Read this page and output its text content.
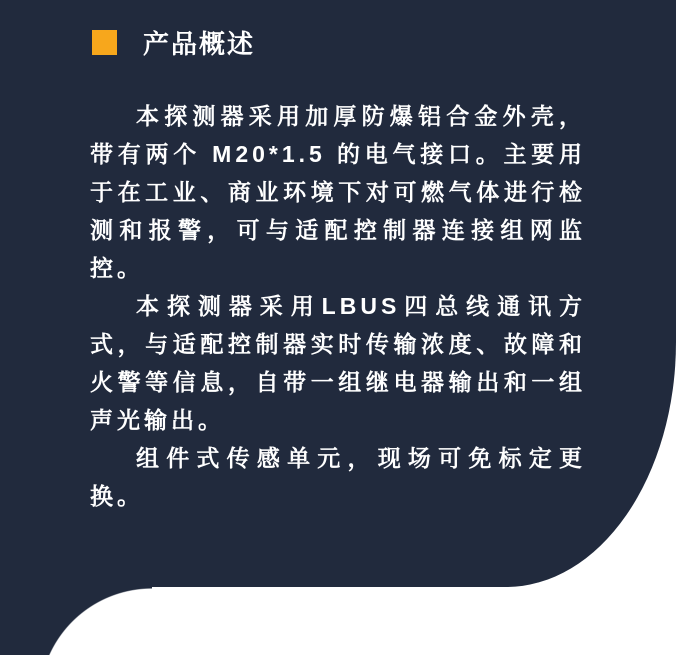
产品概述

本探测器采用加厚防爆铝合金外壳，带有两个 M20*1.5 的电气接口。主要用于在工业、商业环境下对可燃气体进行检测和报警，可与适配控制器连接组网监控。

本探测器采用LBUS四总线通讯方式，与适配控制器实时传输浓度、故障和火警等信息，自带一组继电器输出和一组声光输出。

组件式传感单元，现场可免标定更换。
